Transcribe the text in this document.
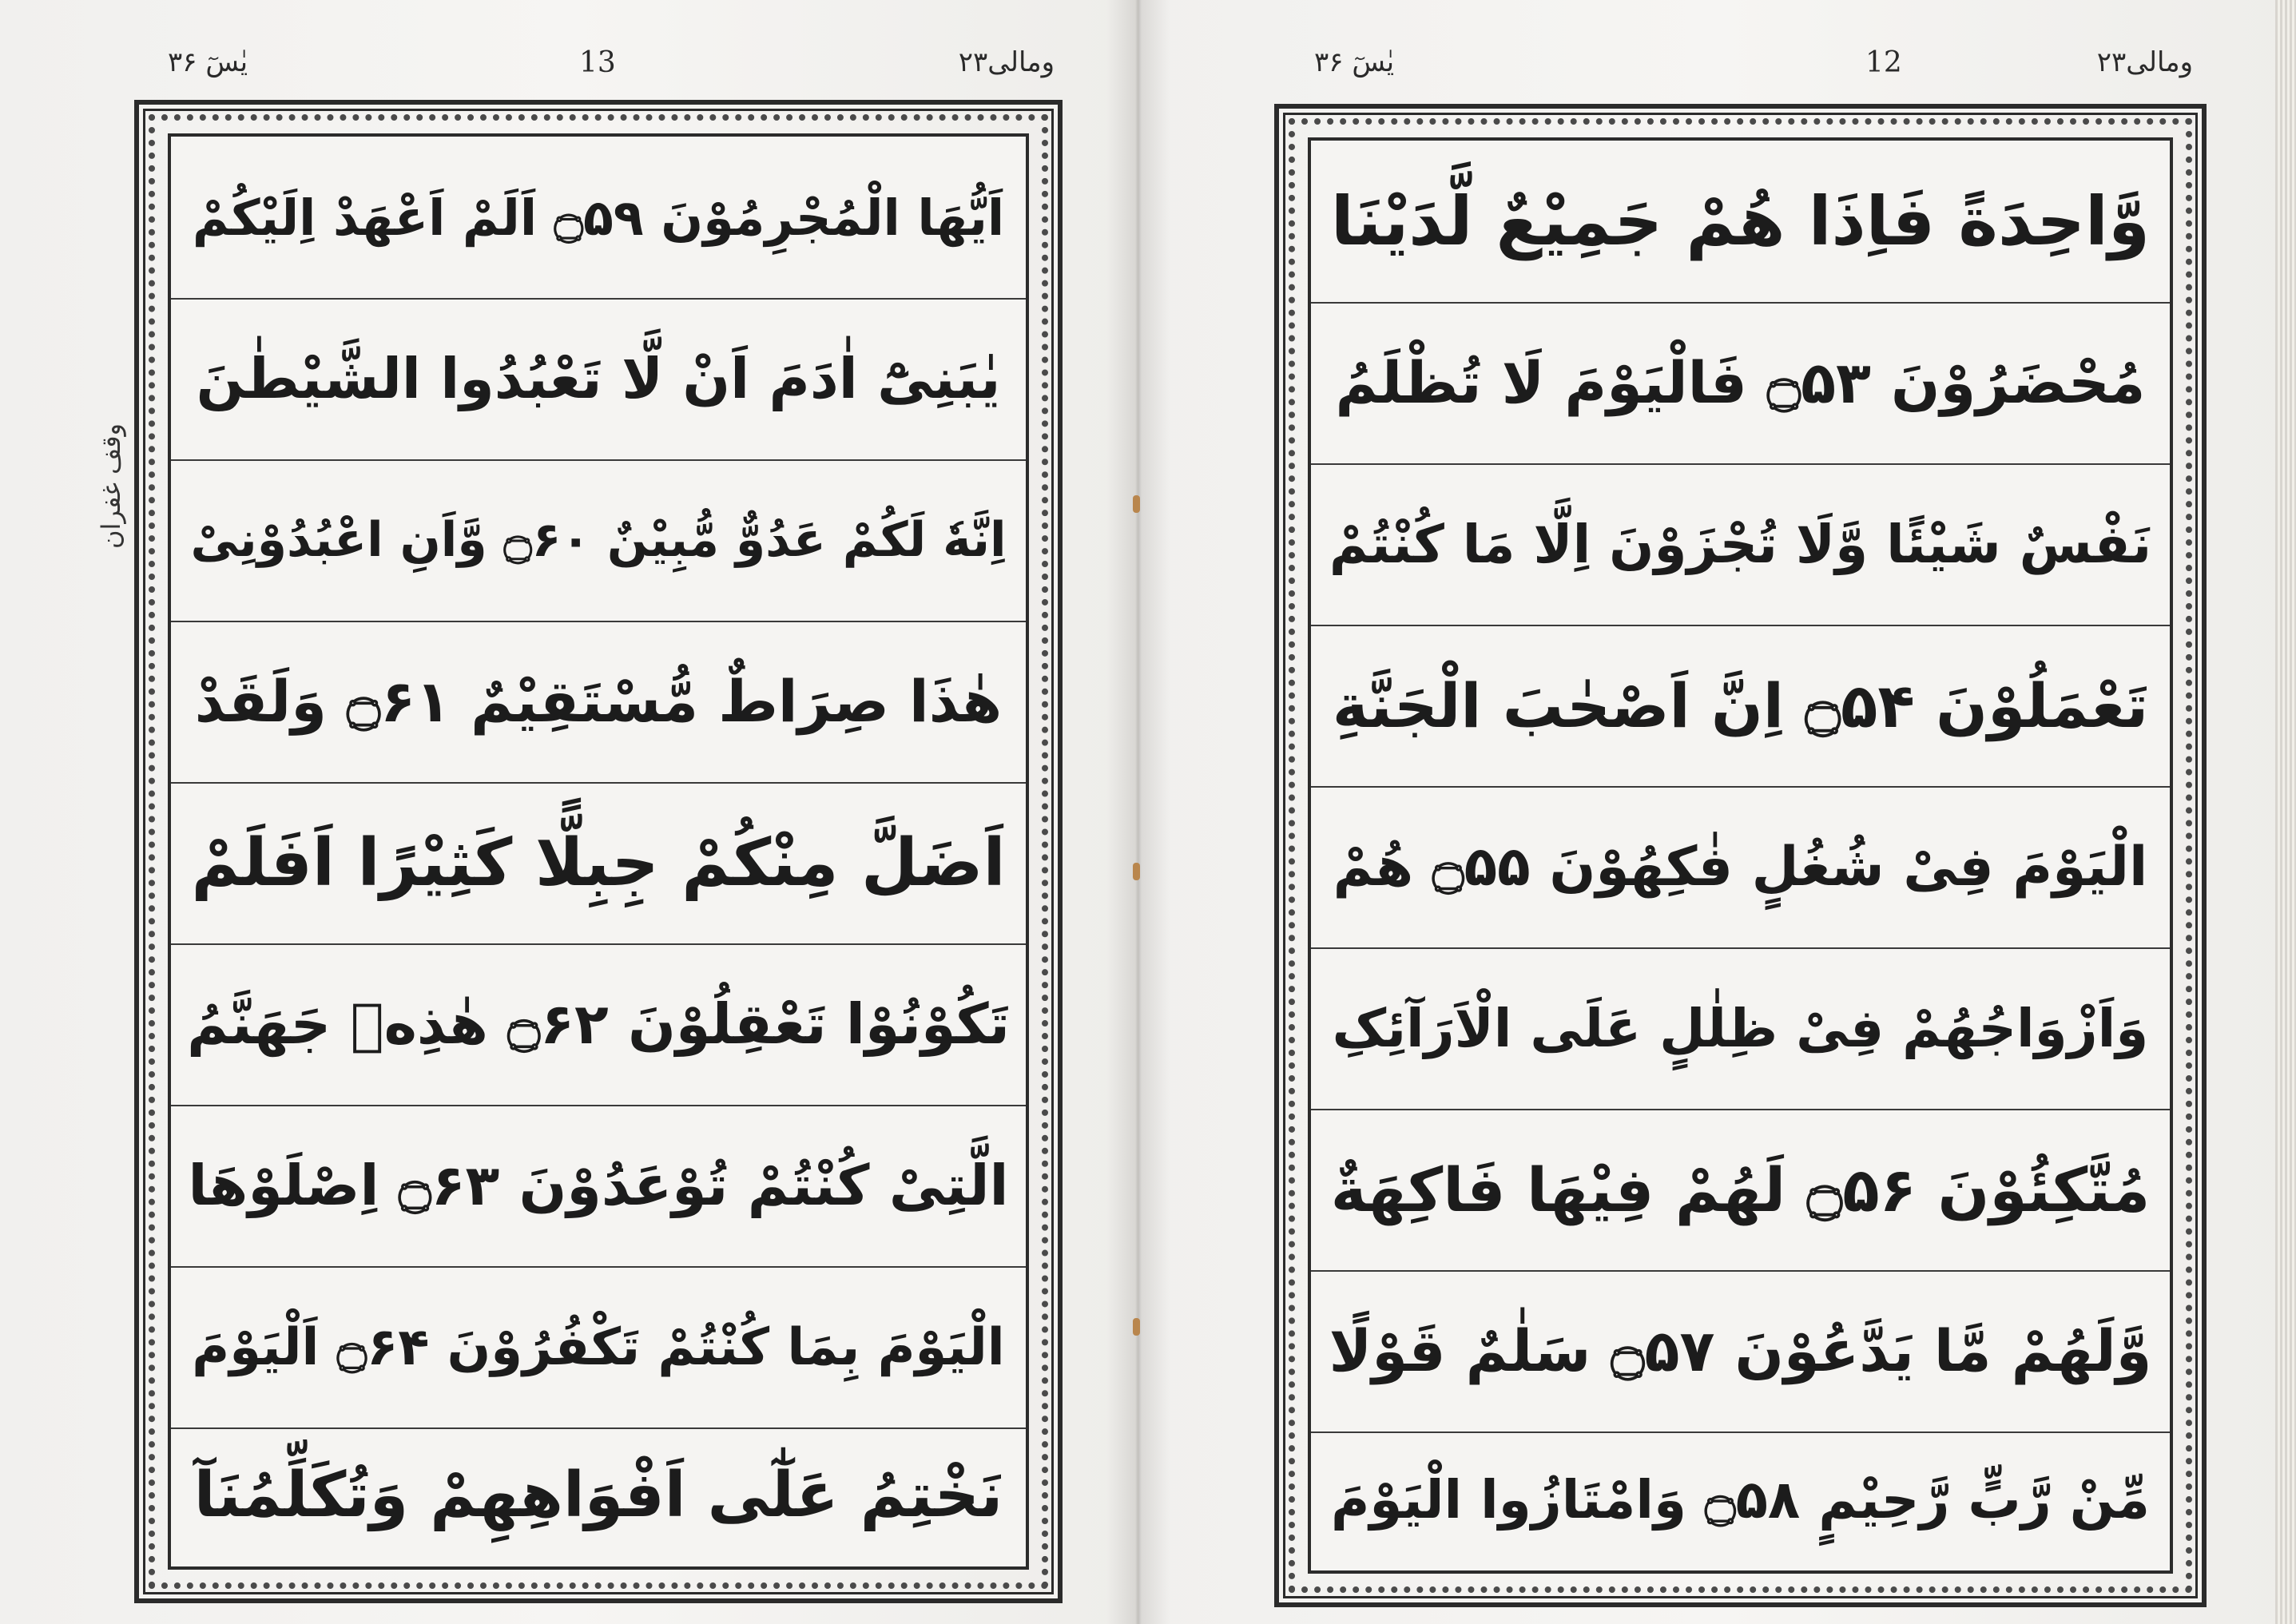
یٰسٓ ۳۶	13	ومالی۲۳
وقف غفران
اَیُّھَا الْمُجْرِمُوْنَ ۝۵۹ اَلَمْ اَعْھَدْ اِلَیْکُمْ
یٰبَنِیْٓ اٰدَمَ اَنْ لَّا تَعْبُدُوا الشَّیْطٰنَ
اِنَّهٗ لَکُمْ عَدُوٌّ مُّبِیْنٌ ۝۶۰ وَّاَنِ اعْبُدُوْنِیْ
ھٰذَا صِرَاطٌ مُّسْتَقِیْمٌ ۝۶۱ وَلَقَدْ
اَضَلَّ مِنْکُمْ جِبِلًّا کَثِیْرًا اَفَلَمْ
تَکُوْنُوْا تَعْقِلُوْنَ ۝۶۲ ھٰذِهٖ جَھَنَّمُ
الَّتِیْ کُنْتُمْ تُوْعَدُوْنَ ۝۶۳ اِصْلَوْھَا
الْیَوْمَ بِمَا کُنْتُمْ تَکْفُرُوْنَ ۝۶۴ اَلْیَوْمَ
نَخْتِمُ عَلٰٓی اَفْوَاھِھِمْ وَتُکَلِّمُنَآ
یٰسٓ ۳۶	12	ومالی۲۳
وَّاحِدَةً فَاِذَا ھُمْ جَمِیْعٌ لَّدَیْنَا
مُحْضَرُوْنَ ۝۵۳ فَالْیَوْمَ لَا تُظْلَمُ
نَفْسٌ شَیْئًا وَّلَا تُجْزَوْنَ اِلَّا مَا کُنْتُمْ
تَعْمَلُوْنَ ۝۵۴ اِنَّ اَصْحٰبَ الْجَنَّةِ
الْیَوْمَ فِیْ شُغُلٍ فٰکِھُوْنَ ۝۵۵ ھُمْ
وَاَزْوَاجُھُمْ فِیْ ظِلٰلٍ عَلَی الْاَرَآئِکِ
مُتَّکِئُوْنَ ۝۵۶ لَھُمْ فِیْھَا فَاکِھَةٌ
وَّلَھُمْ مَّا یَدَّعُوْنَ ۝۵۷ سَلٰمٌ قَوْلًا
مِّنْ رَّبٍّ رَّحِیْمٍ ۝۵۸ وَامْتَازُوا الْیَوْمَ
